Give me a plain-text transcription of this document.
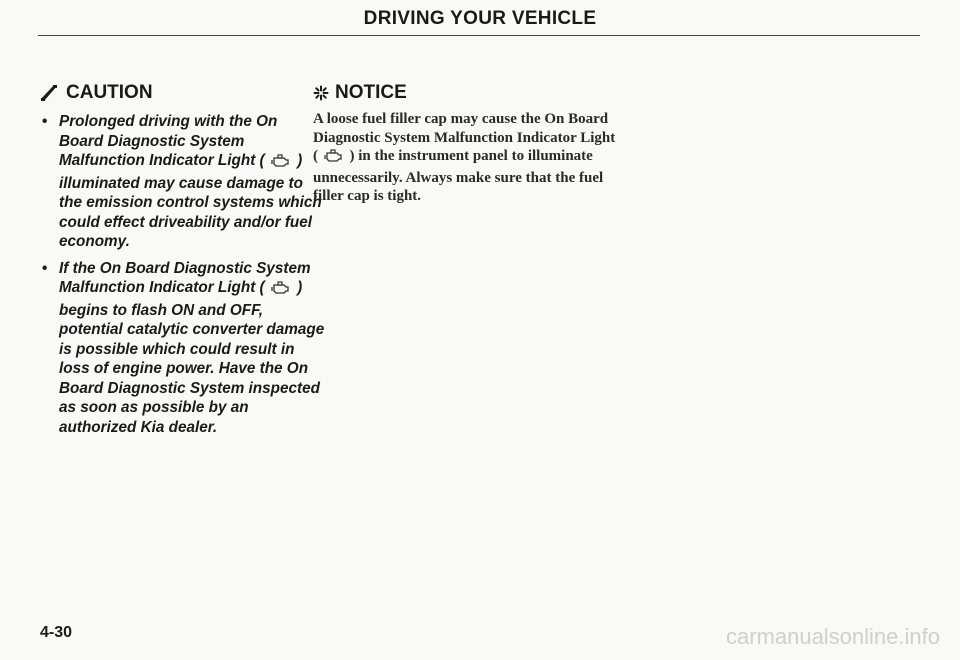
DRIVING YOUR VEHICLE
CAUTION
• Prolonged driving with the On Board Diagnostic System Malfunction Indicator Light ( ) illuminated may cause damage to the emission control systems which could effect driveability and/or fuel economy.
• If the On Board Diagnostic System Malfunction Indicator Light ( ) begins to flash ON and OFF, potential catalytic converter damage is possible which could result in loss of engine power. Have the On Board Diagnostic System inspected as soon as possible by an authorized Kia dealer.
NOTICE
A loose fuel filler cap may cause the On Board Diagnostic System Malfunction Indicator Light ( ) in the instrument panel to illuminate unnecessarily. Always make sure that the fuel filler cap is tight.
4-30	carmanualsonline.info
